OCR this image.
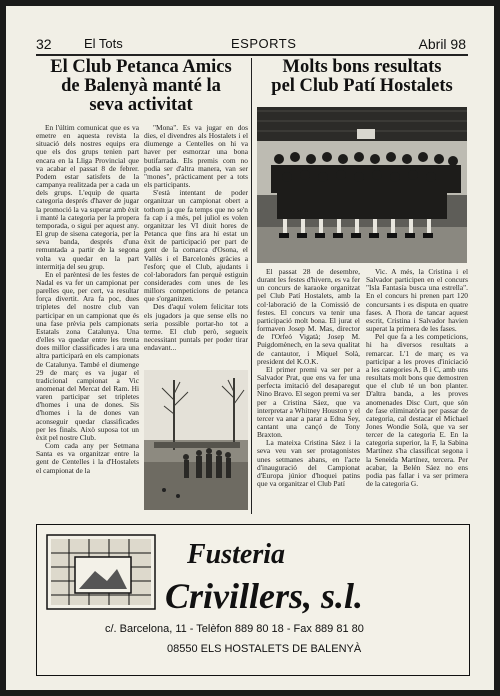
32 El Tots	ESPORTS	Abril 98
El Club Petanca Amics
de Balenyà manté la
seva activitat

En l'últim comunicat que es va emetre en aquesta revista la situació dels nostres equips era que els dos grups tenien part encara en la Lliga Provincial que va acabar el passat 8 de febrer. Podem estar satisfets de la campanya realitzada per a cada un dels grups. L'equip de quarta categoria després d'haver de jugar la promoció la va superar amb èxit i manté la categoria per la propera temporada, o sigui per aquest any. El grup de sisena categoria, per la seva banda, després d'una remuntada a partir de la segona volta va quedar en la part intermitja del seu grup.

En el parèntesi de les festes de Nadal es va fer un campionat per parelles que, per cert, va resultar força divertit. Ara fa poc, dues tripletes del nostre club van participar en un campionat que és una fase prèvia pels campionats Estatals zona Catalunya. Una d'elles va quedar entre les trenta does millor classificades i ara una altra participarà en els campionats de Catalunya. També el diumenge 29 de març es va jugar el tradicional campionat a Vic anomenat del Mercat del Ram. Hi varen participar set tripletes d'homes i una de dones. Sis d'homes i la de dones van aconseguir quedar classificades per les finals. Això suposa tot un èxit pel nostre Club.

Com cada any per Setmana Santa es va organitzar entre la gent de Centelles i la d'Hostalets el campionat de la

"Mona". Es va jugar en dos dies, el divendres als Hostalets i el diumenge a Centelles on hi va haver per esmorzar una bona butifarrada. Els premis com no podia ser d'altra manera, van ser "mones", pràcticament per a tots els participants.

S'està intentant de poder organitzar un campionat obert a tothom ja que fa temps que no se'n fa cap i a més, pel juliol es volen organitzar les VI diuit hores de Petanca que fins ara hi estat un èxit de participació per part de gent de la comarca d'Osona, el Vallès i el Barcelonès gràcies a l'esforç que el Club, ajudants i col·laboradors fan perquè estiguin considerades com unes de les millors competicions de petanca que s'organitzen.

Des d'aquí volem felicitar tots els jugadors ja que sense ells no seria possible portar-ho tot a terme. El club però, segueix necessitant puntals per poder tirar endavant...

Molts bons resultats
pel Club Patí Hostalets

El passat 28 de desembre, durant les festes d'hivern, es va fer un concurs de karaoke organitzat pel Club Patí Hostalets, amb la col·laboració de la Comissió de festes. El concurs va tenir una participació molt bona. El jurat el formaven Josep M. Mas, director de l'Orfeó Vigatà; Josep M. Puigdomènech, en la seva qualitat de cantautor, i Miquel Solà, president del K.O.K.

El primer premi va ser per a Salvador Prat, que ens va fer una perfecta imitació del desaparegut Nino Bravo. El segon premi va ser per a Cristina Sáez, que va interpretar a Whitney Houston y el tercer va anar a parar a Edna Sey, cantant una cançó de Tony Braxton.

La mateixa Cristina Sáez i la seva veu van ser protagonistes unes setmanes abans, en l'acte d'inauguració del Campionat d'Europa júnior d'hoquei patins que va organitzar el Club Patí

Vic. A més, la Cristina i el Salvador participen en el concurs "Isla Fantasía busca una estrella". En el concurs hi prenen part 120 concursants i es disputa en quatre fases. A l'hora de tancar aquest escrit, Cristina i Salvador havien superat la primera de les fases.

Pel que fa a les competicions, hi ha diversos resultats a remarcar. L'1 de març es va participar a les proves d'iniciació a les categories A, B i C, amb uns resultats molt bons que demostren que el club té un bon planter. D'altra banda, a les proves anomenades Disc Curt, que són de fase eliminatòria per passar de categoria, cal destacar el Michael Jones Wondie Solà, que va ser tercer de la categoria E. En la categoria superior, la F, la Sabina Martínez s'ha classificat segona i la Seneida Martínez, tercera. Per acabar, la Belén Sáez no ens podia pas fallar i va ser primera de la categoria G.

Fusteria
Crivillers, s.l.
c/. Barcelona, 11 - Telèfon 889 80 18 - Fax 889 81 80
08550 ELS HOSTALETS DE BALENYÀ
